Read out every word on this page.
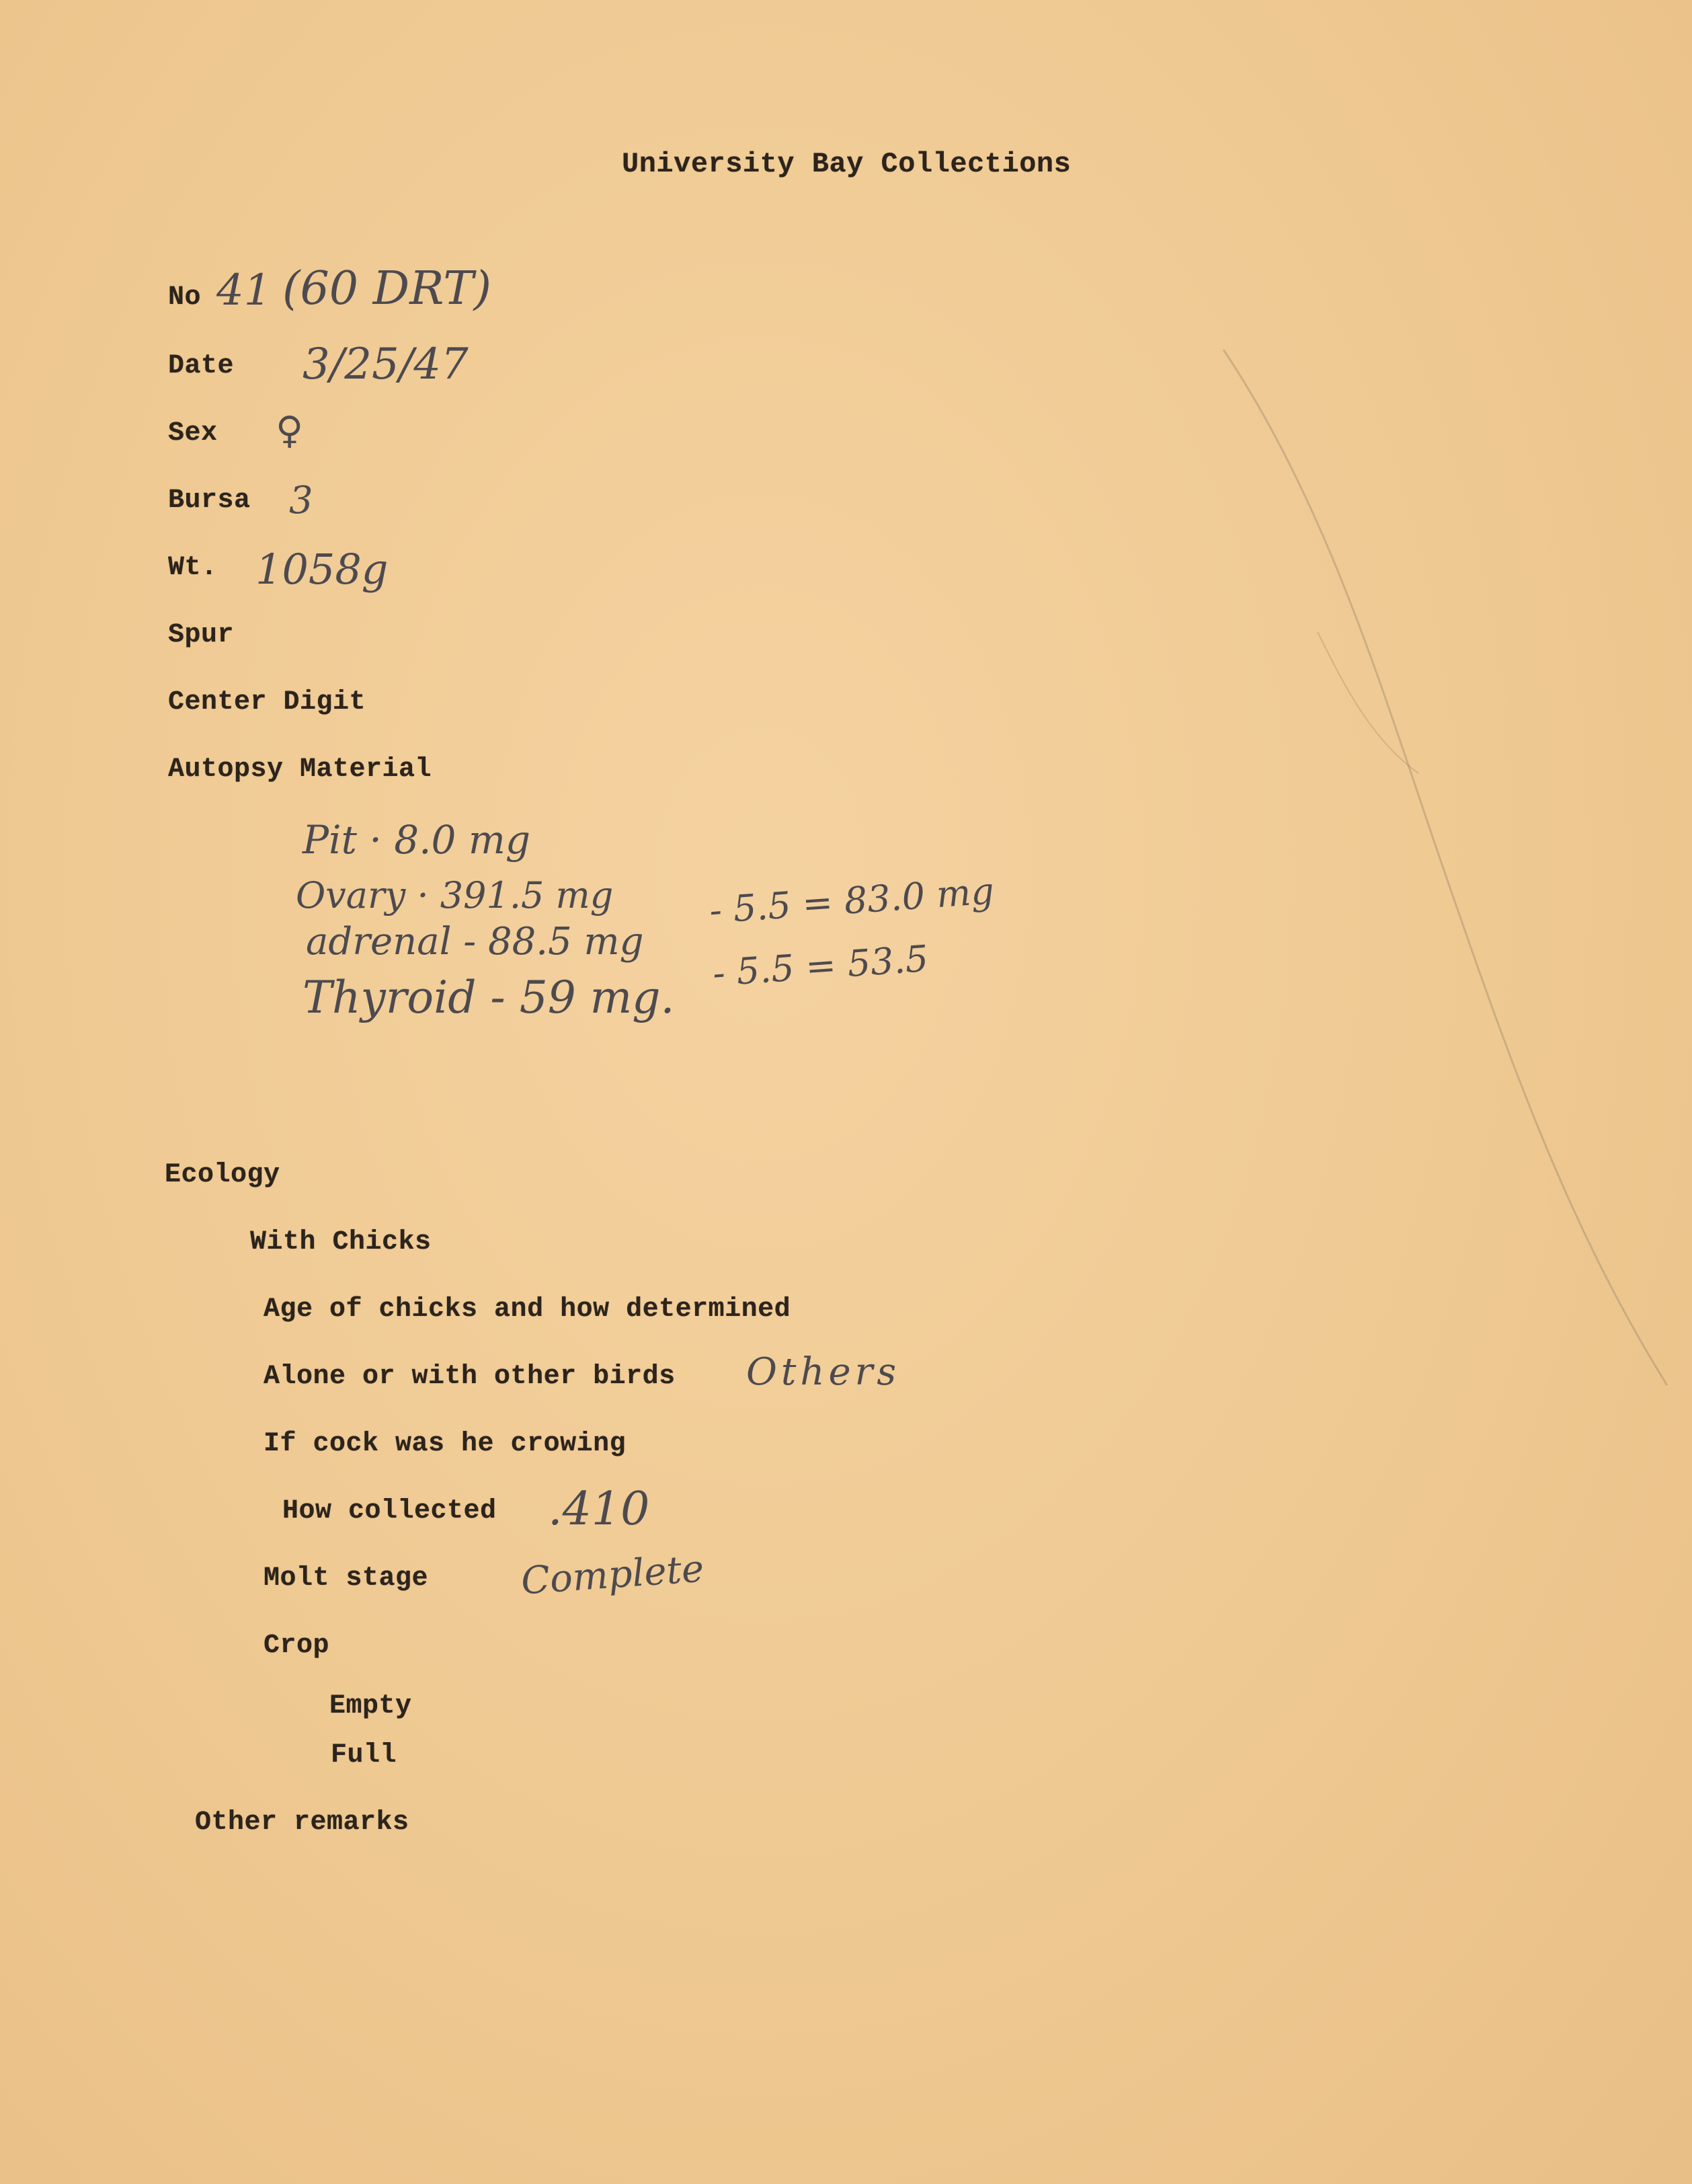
University Bay Collections
No 41 (60 DRT)
Date 3/25/47
Sex ♀
Bursa 3
Wt. 1058g
Spur
Center Digit
Autopsy Material
Pit · 8.0 mg
Ovary · 391.5 mg
adrenal - 88.5 mg
- 5.5 = 83.0 mg
Thyroid - 59 mg.
- 5.5 = 53.5
Ecology
With Chicks
Age of chicks and how determined
Alone or with other birds Others
If cock was he crowing
How collected .410
Molt stage Complete
Crop
Empty
Full
Other remarks
